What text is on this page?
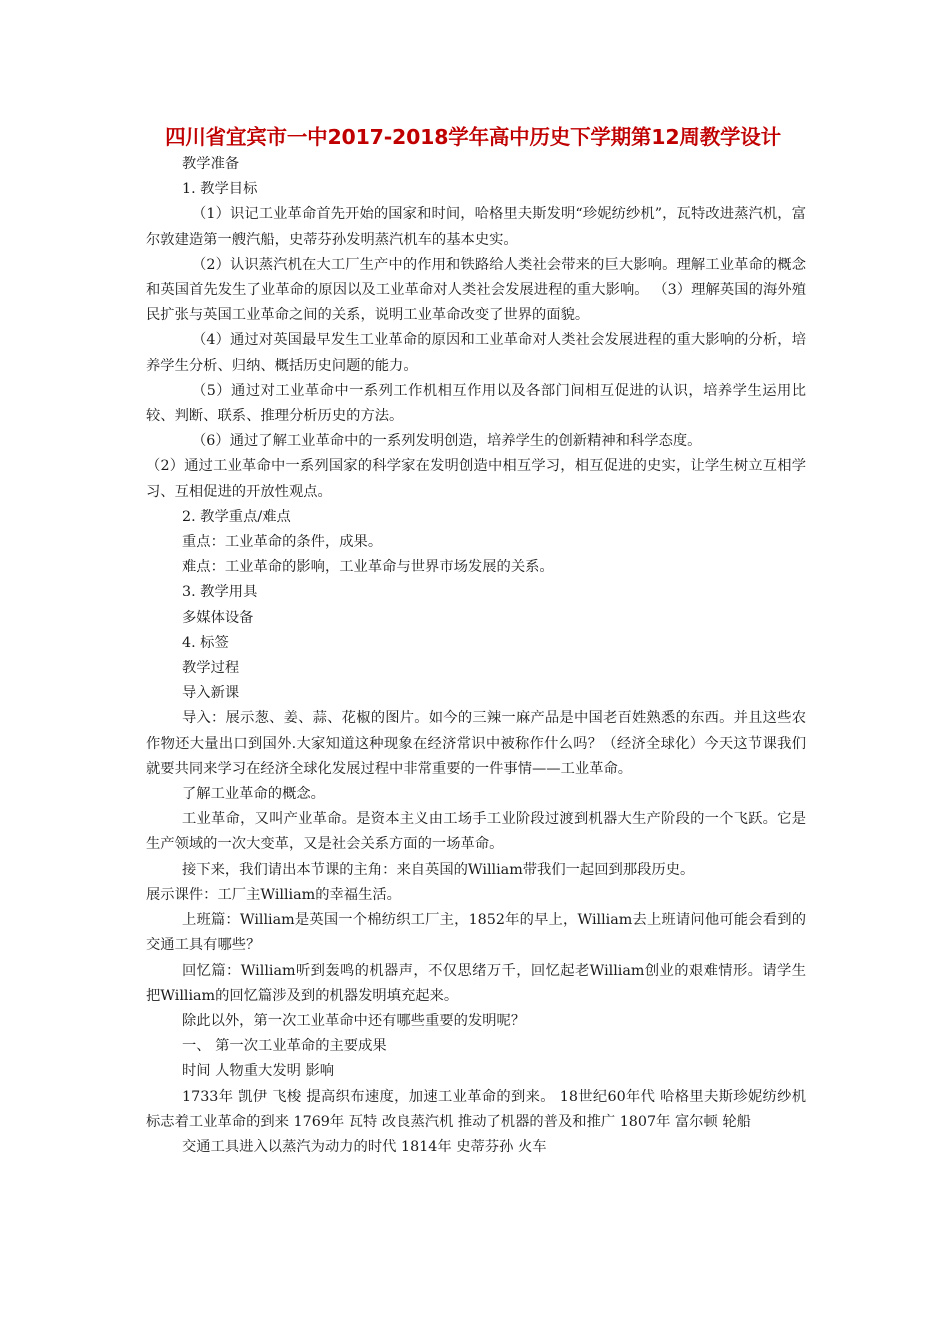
四川省宜宾市一中2017-2018学年高中历史下学期第12周教学设计

教学准备

1. 教学目标

（1）识记工业革命首先开始的国家和时间，哈格里夫斯发明“珍妮纺纱机”，瓦特改进蒸汽机，富尔敦建造第一艘汽船，史蒂芬孙发明蒸汽机车的基本史实。

（2）认识蒸汽机在大工厂生产中的作用和铁路给人类社会带来的巨大影响。理解工业革命的概念和英国首先发生了业革命的原因以及工业革命对人类社会发展进程的重大影响。 （3）理解英国的海外殖民扩张与英国工业革命之间的关系，说明工业革命改变了世界的面貌。

（4）通过对英国最早发生工业革命的原因和工业革命对人类社会发展进程的重大影响的分析，培养学生分析、归纳、概括历史问题的能力。

（5）通过对工业革命中一系列工作机相互作用以及各部门间相互促进的认识，培养学生运用比较、判断、联系、推理分析历史的方法。

（6）通过了解工业革命中的一系列发明创造，培养学生的创新精神和科学态度。

（2）通过工业革命中一系列国家的科学家在发明创造中相互学习，相互促进的史实，让学生树立互相学习、互相促进的开放性观点。

2. 教学重点/难点

重点：工业革命的条件，成果。

难点：工业革命的影响，工业革命与世界市场发展的关系。

3. 教学用具

多媒体设备

4. 标签

教学过程

导入新课

导入：展示葱、姜、蒜、花椒的图片。如今的三辣一麻产品是中国老百姓熟悉的东西。并且这些农作物还大量出口到国外.大家知道这种现象在经济常识中被称作什么吗？（经济全球化）今天这节课我们就要共同来学习在经济全球化发展过程中非常重要的一件事情——工业革命。

了解工业革命的概念。

工业革命，又叫产业革命。是资本主义由工场手工业阶段过渡到机器大生产阶段的一个飞跃。它是生产领域的一次大变革，又是社会关系方面的一场革命。

接下来，我们请出本节课的主角：来自英国的William带我们一起回到那段历史。

展示课件：工厂主William的幸福生活。

上班篇：William是英国一个棉纺织工厂主，1852年的早上，William去上班请问他可能会看到的交通工具有哪些？

回忆篇：William听到轰鸣的机器声，不仅思绪万千，回忆起老William创业的艰难情形。请学生把William的回忆篇涉及到的机器发明填充起来。

除此以外，第一次工业革命中还有哪些重要的发明呢？

一、 第一次工业革命的主要成果

时间 人物重大发明 影响

1733年 凯伊 飞梭 提高织布速度，加速工业革命的到来。 18世纪60年代 哈格里夫斯珍妮纺纱机 标志着工业革命的到来 1769年 瓦特 改良蒸汽机 推动了机器的普及和推广 1807年 富尔顿 轮船

交通工具进入以蒸汽为动力的时代 1814年 史蒂芬孙 火车
